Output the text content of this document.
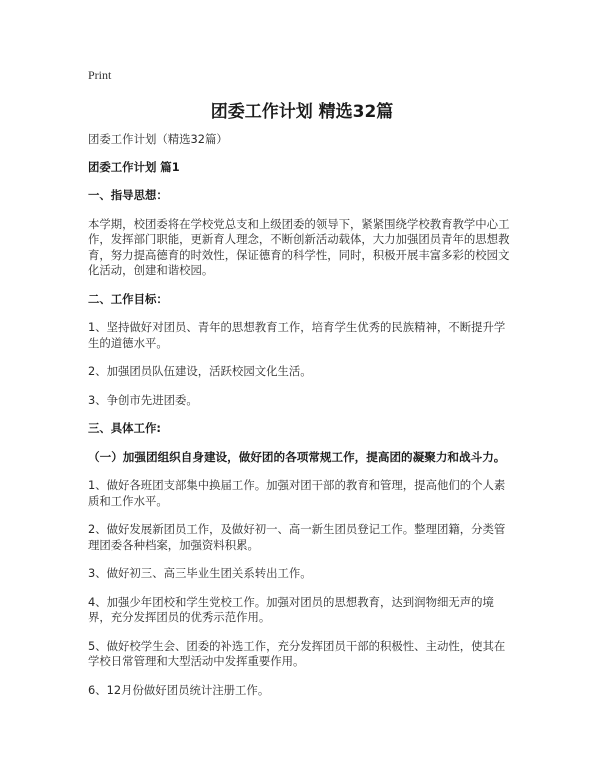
Print
团委工作计划 精选32篇

团委工作计划（精选32篇）

团委工作计划 篇1

一、指导思想：

本学期，校团委将在学校党总支和上级团委的领导下，紧紧围绕学校教育教学中心工作，发挥部门职能，更新育人理念，不断创新活动载体，大力加强团员青年的思想教育，努力提高德育的时效性，保证德育的科学性，同时，积极开展丰富多彩的校园文化活动，创建和谐校园。

二、工作目标：

1、坚持做好对团员、青年的思想教育工作，培育学生优秀的民族精神，不断提升学生的道德水平。

2、加强团员队伍建设，活跃校园文化生活。

3、争创市先进团委。

三、具体工作:

（一）加强团组织自身建设，做好团的各项常规工作，提高团的凝聚力和战斗力。

1、做好各班团支部集中换届工作。加强对团干部的教育和管理，提高他们的个人素质和工作水平。

2、做好发展新团员工作，及做好初一、高一新生团员登记工作。整理团籍，分类管理团委各种档案，加强资料积累。

3、做好初三、高三毕业生团关系转出工作。

4、加强少年团校和学生党校工作。加强对团员的思想教育，达到润物细无声的境界，充分发挥团员的优秀示范作用。

5、做好校学生会、团委的补选工作，充分发挥团员干部的积极性、主动性，使其在学校日常管理和大型活动中发挥重要作用。

6、12月份做好团员统计注册工作。
